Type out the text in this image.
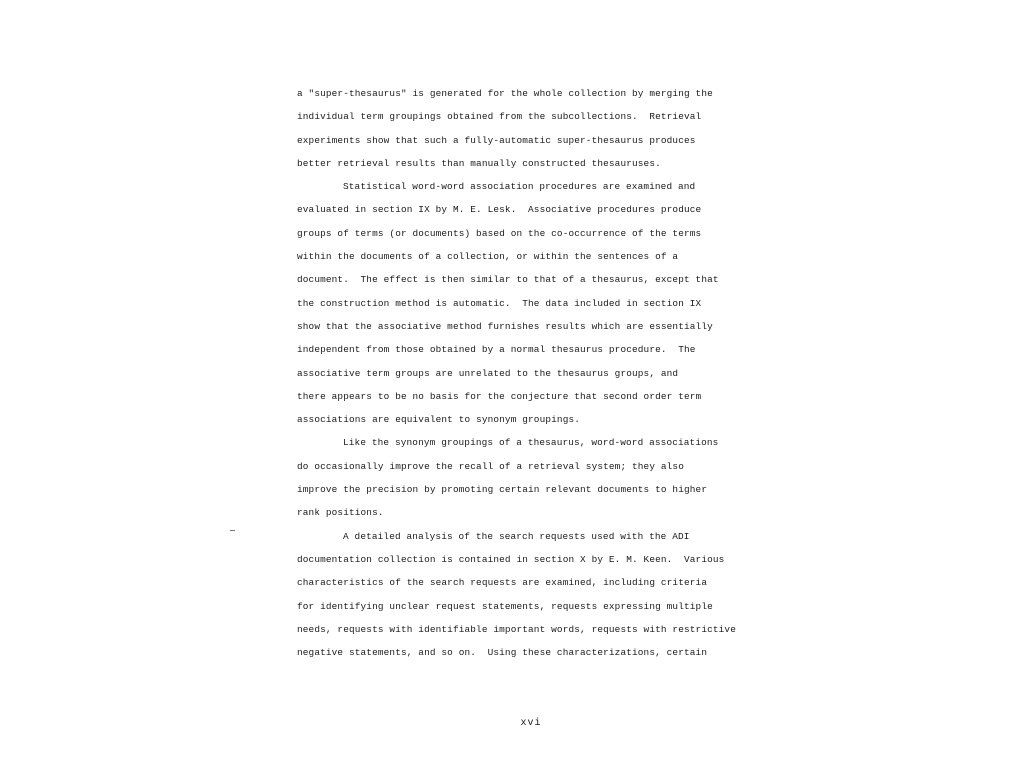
a "super-thesaurus" is generated for the whole collection by merging the
individual term groupings obtained from the subcollections.  Retrieval
experiments show that such a fully-automatic super-thesaurus produces
better retrieval results than manually constructed thesauruses.
Statistical word-word association procedures are examined and
evaluated in section IX by M. E. Lesk.  Associative procedures produce
groups of terms (or documents) based on the co-occurrence of the terms
within the documents of a collection, or within the sentences of a
document.  The effect is then similar to that of a thesaurus, except that
the construction method is automatic.  The data included in section IX
show that the associative method furnishes results which are essentially
independent from those obtained by a normal thesaurus procedure.  The
associative term groups are unrelated to the thesaurus groups, and
there appears to be no basis for the conjecture that second order term
associations are equivalent to synonym groupings.
Like the synonym groupings of a thesaurus, word-word associations
do occasionally improve the recall of a retrieval system; they also
improve the precision by promoting certain relevant documents to higher
rank positions.
A detailed analysis of the search requests used with the ADI
documentation collection is contained in section X by E. M. Keen.  Various
characteristics of the search requests are examined, including criteria
for identifying unclear request statements, requests expressing multiple
needs, requests with identifiable important words, requests with restrictive
negative statements, and so on.  Using these characterizations, certain
xvi
